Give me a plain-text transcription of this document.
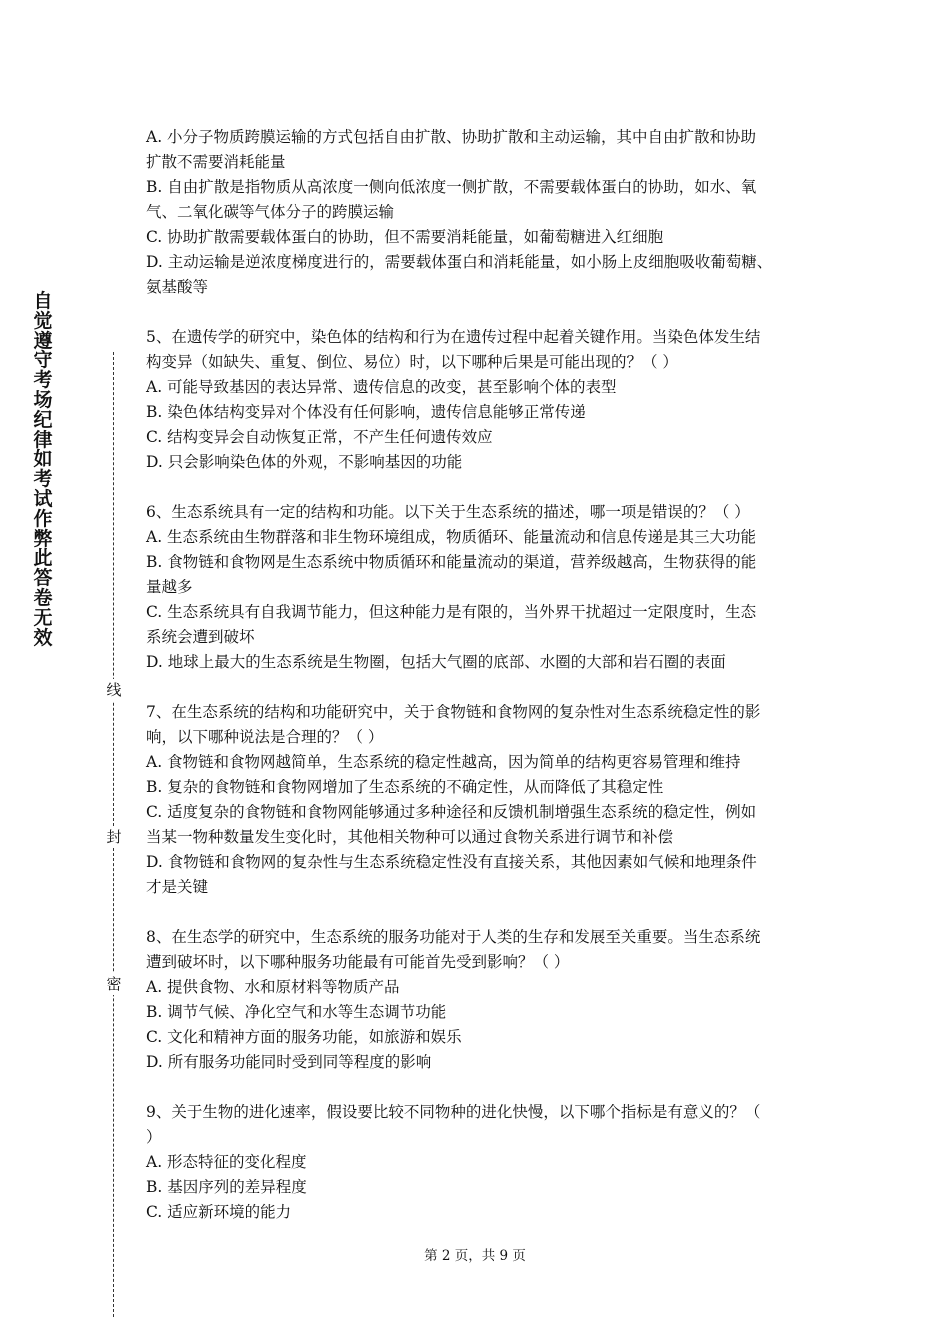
自觉遵守考场纪律如考试作弊此答卷无效
线
封
密
A. 小分子物质跨膜运输的方式包括自由扩散、协助扩散和主动运输，其中自由扩散和协助
扩散不需要消耗能量
B. 自由扩散是指物质从高浓度一侧向低浓度一侧扩散，不需要载体蛋白的协助，如水、氧
气、二氧化碳等气体分子的跨膜运输
C. 协助扩散需要载体蛋白的协助，但不需要消耗能量，如葡萄糖进入红细胞
D. 主动运输是逆浓度梯度进行的，需要载体蛋白和消耗能量，如小肠上皮细胞吸收葡萄糖、
氨基酸等
5、在遗传学的研究中，染色体的结构和行为在遗传过程中起着关键作用。当染色体发生结
构变异（如缺失、重复、倒位、易位）时，以下哪种后果是可能出现的？（ ）
A. 可能导致基因的表达异常、遗传信息的改变，甚至影响个体的表型
B. 染色体结构变异对个体没有任何影响，遗传信息能够正常传递
C. 结构变异会自动恢复正常，不产生任何遗传效应
D. 只会影响染色体的外观，不影响基因的功能
6、生态系统具有一定的结构和功能。以下关于生态系统的描述，哪一项是错误的？（ ）
A. 生态系统由生物群落和非生物环境组成，物质循环、能量流动和信息传递是其三大功能
B. 食物链和食物网是生态系统中物质循环和能量流动的渠道，营养级越高，生物获得的能
量越多
C. 生态系统具有自我调节能力，但这种能力是有限的，当外界干扰超过一定限度时，生态
系统会遭到破坏
D. 地球上最大的生态系统是生物圈，包括大气圈的底部、水圈的大部和岩石圈的表面
7、在生态系统的结构和功能研究中，关于食物链和食物网的复杂性对生态系统稳定性的影
响，以下哪种说法是合理的？（ ）
A. 食物链和食物网越简单，生态系统的稳定性越高，因为简单的结构更容易管理和维持
B. 复杂的食物链和食物网增加了生态系统的不确定性，从而降低了其稳定性
C. 适度复杂的食物链和食物网能够通过多种途径和反馈机制增强生态系统的稳定性，例如
当某一物种数量发生变化时，其他相关物种可以通过食物关系进行调节和补偿
D. 食物链和食物网的复杂性与生态系统稳定性没有直接关系，其他因素如气候和地理条件
才是关键
8、在生态学的研究中，生态系统的服务功能对于人类的生存和发展至关重要。当生态系统
遭到破坏时，以下哪种服务功能最有可能首先受到影响？（ ）
A. 提供食物、水和原材料等物质产品
B. 调节气候、净化空气和水等生态调节功能
C. 文化和精神方面的服务功能，如旅游和娱乐
D. 所有服务功能同时受到同等程度的影响
9、关于生物的进化速率，假设要比较不同物种的进化快慢，以下哪个指标是有意义的？（
）
A. 形态特征的变化程度
B. 基因序列的差异程度
C. 适应新环境的能力
第 2 页，共 9 页
